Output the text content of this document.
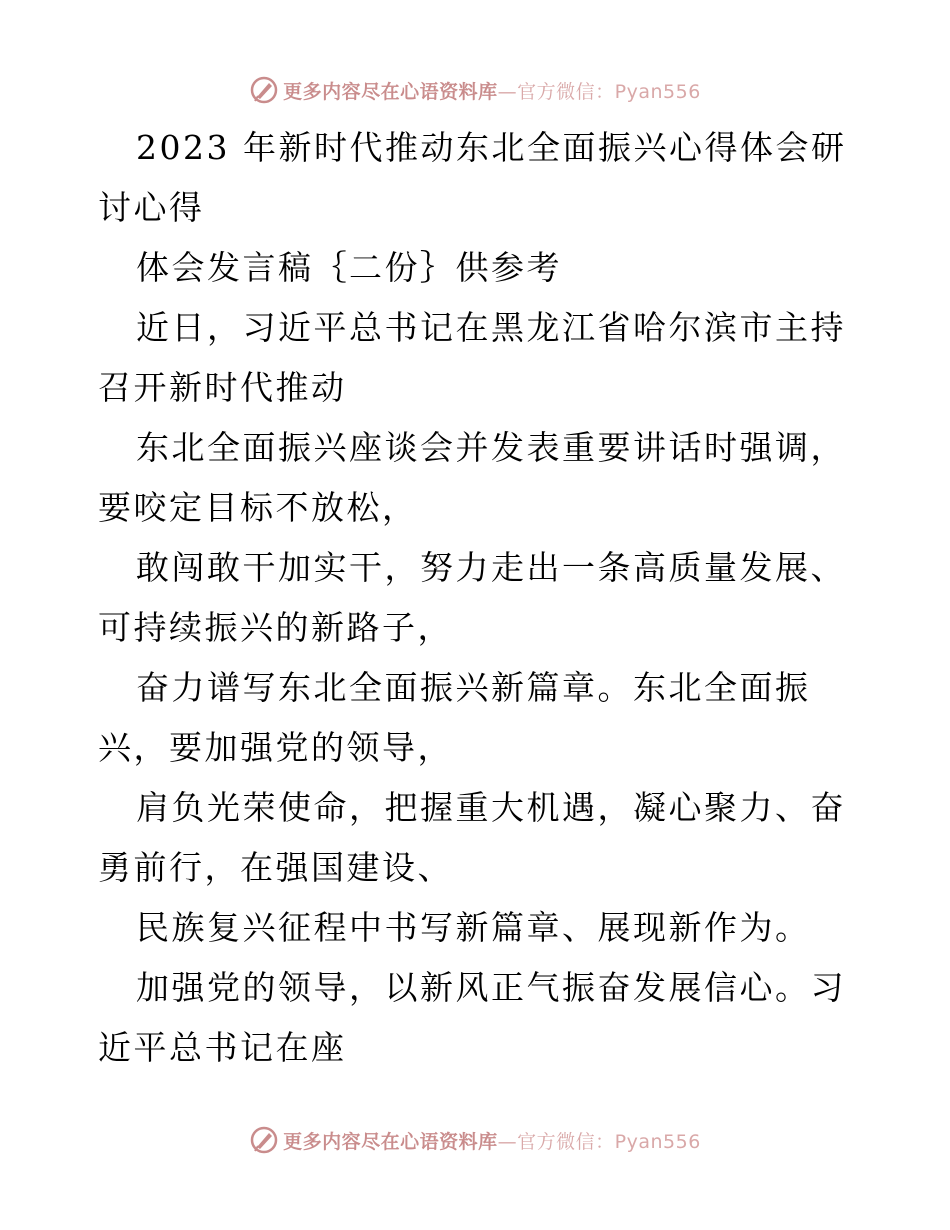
更多内容尽在心语资料库—官方微信：Pyan556

2023 年新时代推动东北全面振兴心得体会研讨心得

体会发言稿｛二份｝供参考

近日，习近平总书记在黑龙江省哈尔滨市主持召开新时代推动

东北全面振兴座谈会并发表重要讲话时强调，要咬定目标不放松，

敢闯敢干加实干，努力走出一条高质量发展、可持续振兴的新路子，

奋力谱写东北全面振兴新篇章。东北全面振兴，要加强党的领导，

肩负光荣使命，把握重大机遇，凝心聚力、奋勇前行，在强国建设、

民族复兴征程中书写新篇章、展现新作为。

加强党的领导，以新风正气振奋发展信心。习近平总书记在座

更多内容尽在心语资料库—官方微信：Pyan556
